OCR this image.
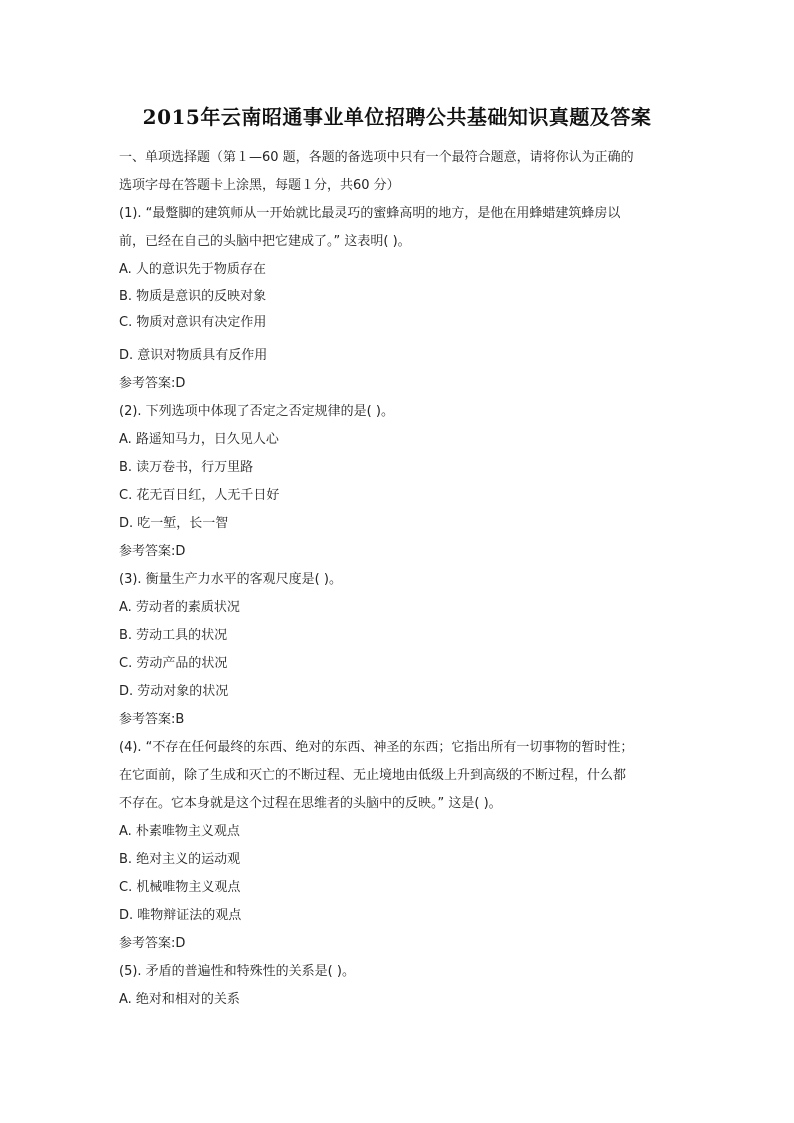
2015年云南昭通事业单位招聘公共基础知识真题及答案
一、单项选择题（第１—60 题，各题的备选项中只有一个最符合题意，请将你认为正确的
选项字母在答题卡上涂黑，每题１分，共60 分）
(1). “最蹩脚的建筑师从一开始就比最灵巧的蜜蜂高明的地方，是他在用蜂蜡建筑蜂房以
前，已经在自己的头脑中把它建成了。” 这表明( )。
A. 人的意识先于物质存在
B. 物质是意识的反映对象
C. 物质对意识有决定作用
D. 意识对物质具有反作用
参考答案:D
(2). 下列选项中体现了否定之否定规律的是( )。
A. 路遥知马力，日久见人心
B. 读万卷书，行万里路
C. 花无百日红，人无千日好
D. 吃一堑，长一智
参考答案:D
(3). 衡量生产力水平的客观尺度是( )。
A. 劳动者的素质状况
B. 劳动工具的状况
C. 劳动产品的状况
D. 劳动对象的状况
参考答案:B
(4). “不存在任何最终的东西、绝对的东西、神圣的东西；它指出所有一切事物的暂时性；
在它面前，除了生成和灭亡的不断过程、无止境地由低级上升到高级的不断过程，什么都
不存在。它本身就是这个过程在思维者的头脑中的反映。” 这是( )。
A. 朴素唯物主义观点
B. 绝对主义的运动观
C. 机械唯物主义观点
D. 唯物辩证法的观点
参考答案:D
(5). 矛盾的普遍性和特殊性的关系是( )。
A. 绝对和相对的关系
